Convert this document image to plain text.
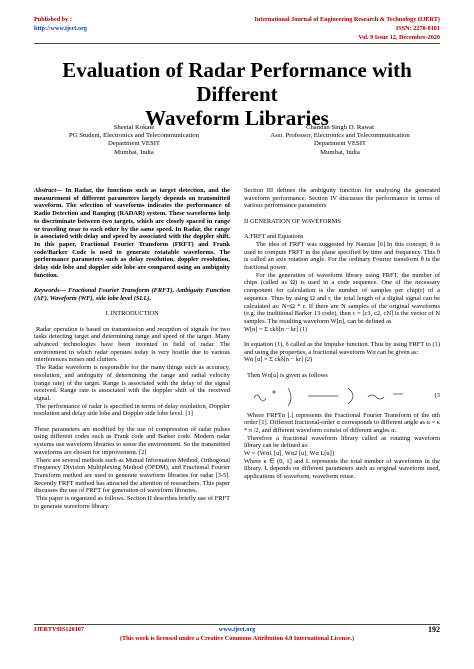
Published by :
http://www.ijert.org
International Journal of Engineering Research & Technology (IJERT)
ISSN: 2278-0181
Vol. 9 Issue 12, December-2020
Evaluation of Radar Performance with Different
Waveform Libraries
Sheetal Kokate
PG Student, Electronics and Telecommunication
Department VESIT
Mumbai, India
Chandan Singh D. Rawat
Assi. Professor, Electronics and Telecommunication
Department VESIT
Mumbai, India

Abstract— In Radar, the functions such as target detection, and the measurement of different parameters largely depends on transmitted waveform. The selection of waveforms indicates the performance of Radio Detection and Ranging (RADAR) system. These waveforms help to discriminate between two targets, which are closely spaced in range or traveling near to each other by the same speed. In Radar, the range is associated with delay and speed by associated with the doppler shift. In this paper, Fractional Fourier Transform (FRFT) and Frank code/Barker Code is used to generate rotatable waveforms. The performance parameters such as delay resolution, doppler resolution, delay side lobe and doppler side lobe are compared using an ambiguity function.

Keywords— Fractional Fourier Transform (FRFT), Ambiguity Function (AF), Waveform (WF), side lobe level (SLL).

I. INTRODUCTION

Radar operation is based on transmission and reception of signals for two tasks detecting target and determining range and speed of the target. Many advanced technologies have been invented in field of radar. The environment in which radar operates today is very hostile due to various interferences noises and clutters.

The Radar waveform is responsible for the many things such as accuracy, resolution, and ambiguity of determining the range and radial velocity (range rate) of the target. Range is associated with the delay of the signal received. Range rate is associated with the doppler shift of the received signal.

The performance of radar is specified in terms of delay resolution, Doppler resolution and delay side lobe and Doppler side lobe level. [1]

These parameters are modified by the use of compression of radar pulses using different codes such as Frank code and Barker code. Modern radar systems use waveform libraries to sense the environment. So the transmitted waveforms are chosen for improvement. [2]

There are several methods such as Mutual Information Method, Orthogonal Frequency Division Multiplexing Method (OFDM), and Fractional Fourier Transform method are used to generate waveform libraries for radar [3-5]. Recently FRFT method has attracted the attention of researchers. This paper discusses the use of FRFT for generation of waveform libraries.

This paper is organized as follows. Section II describes briefly use of FRFT to generate waveform library.

Section III defines the ambiguity function for analysing the generated waveform performance. Section IV discusses the performance in terms of various performance parameters

II GENERATION OF WAVEFORMS

A.FRFT and Equations

The idea of FRFT was suggested by Namias [6].In this concept, θ is used to compute FRFT in the plane specified by time and frequency. This θ is called an axis rotation angle. For the ordinary Fourier transform θ is the fractional power.

For the generation of waveform library using FRFT, the number of chips (called as Ω) is used in a code sequence. One of the necessary component for calculation is the number of samples per chip(r) of a sequence. Thus by using Ω and r, the total length of a digital signal can be calculated as: N=Ω * r. If there are N samples of the original waveforms (e.g. the traditional Barker 13 code), then c = [c1, c2, cN] is the vector of N samples. The resulting waveform W[n], can be defined as

W[n] = Σ ckδ[n − kr] (1)

In equation (1), δ called as the Impulse function. Thus by using FRFT to (1) and using the properties, a fractional waveform Wα can be given as:

Wα [u] = Σ ckδ[n − kr] (2)

Then Wα[u] is given as follows

(3

Where FRFTα [.] represents the Fractional Fourier Transform of the αth order [1]. Different fractional-order α corresponds to different angle as α = κ * π /2, and different waveform consist of different angles α.

Therefore a fractional waveform library called as rotating waveform library can be defined as:

W = {Wα1 [u], Wα2 [u], Wα L[u]}

Where κ ∈ (0, 1] and L represents the total number of waveforms in the library. L depends on different parameters such as original waveform used, applications of waveform, waveform reuse.

IJERTV9IS120107	www.ijert.org	192
(This work is licensed under a Creative Commons Attribution 4.0 International License.)
